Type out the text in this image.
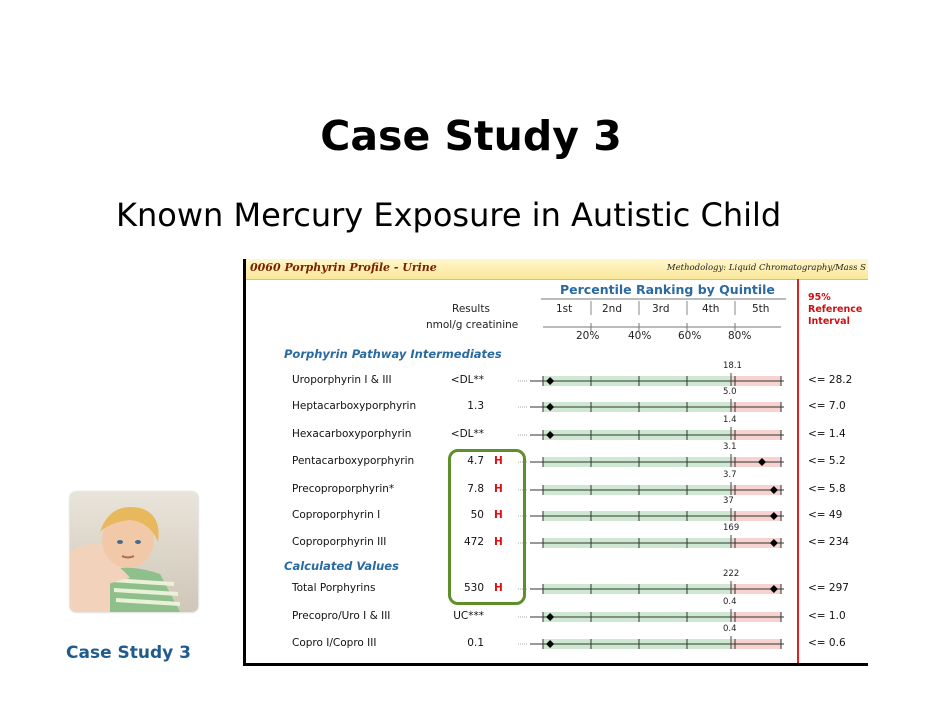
Case Study 3
Known Mercury Exposure in Autistic Child
Case Study 3
0060 Porphyrin Profile - Urine	Methodology: Liquid Chromatography/Mass S
Results
nmol/g creatinine
Percentile Ranking by Quintile
1st	2nd	3rd	4th	5th
20%	40%	60%	80%
95%
Reference
Interval
Porphyrin Pathway Intermediates
Uroporphyrin I & III	<DL**	<= 28.2
18.1
Heptacarboxyporphyrin	1.3	<= 7.0
5.0
Hexacarboxyporphyrin	<DL**	<= 1.4
1.4
Pentacarboxyporphyrin	4.7 H	<= 5.2
3.1
Precoproporphyrin*	7.8 H	<= 5.8
3.7
Coproporphyrin I	50 H	<= 49
37
Coproporphyrin III	472 H	<= 234
169
Calculated Values
Total Porphyrins	530 H	<= 297
222
Precopro/Uro I & III	UC***	<= 1.0
0.4
Copro I/Copro III	0.1	<= 0.6
0.4
